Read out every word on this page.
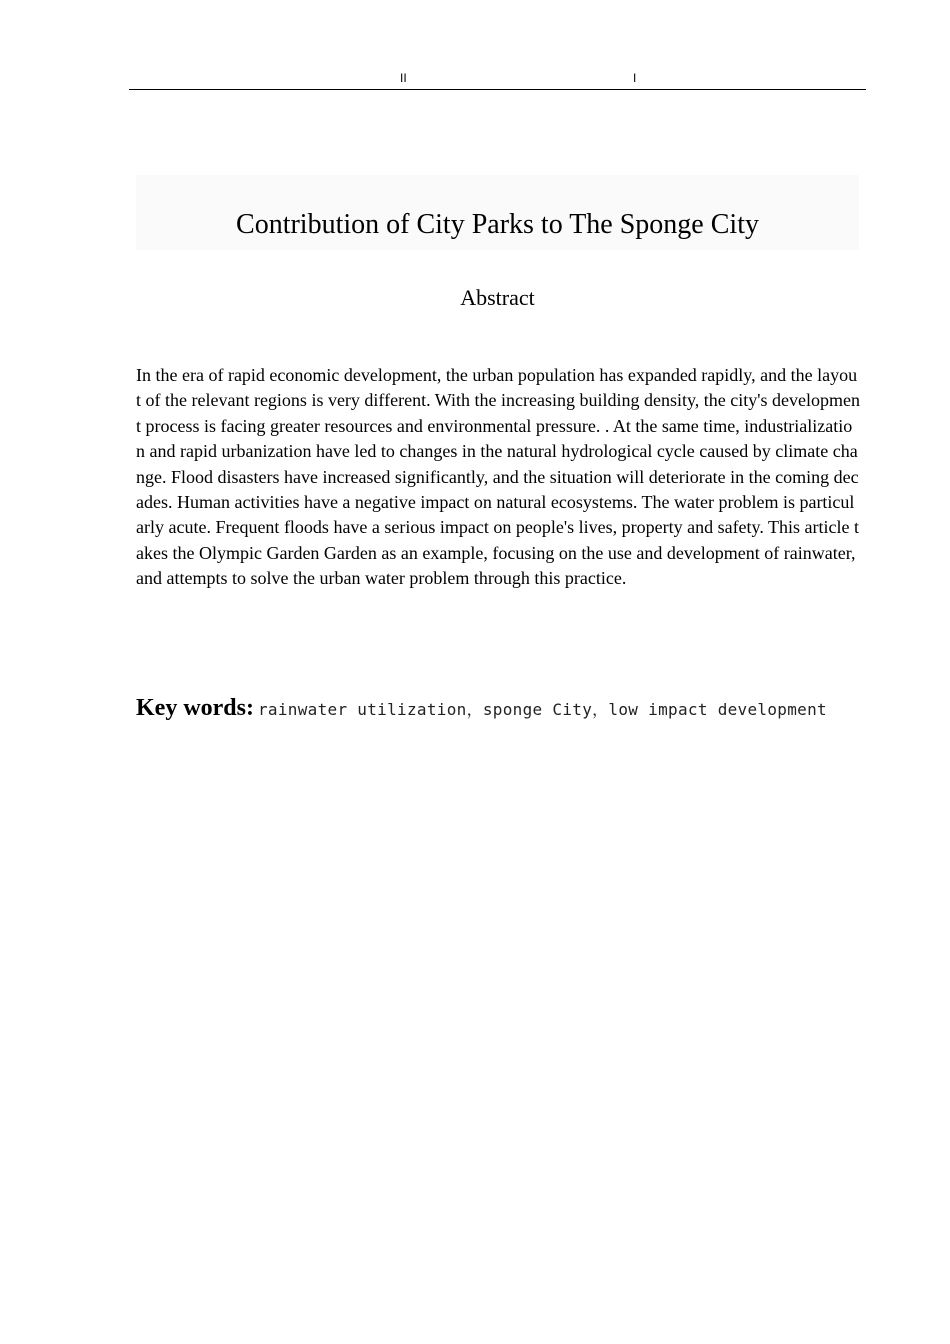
II	I
Contribution of City Parks to The Sponge City
Abstract

In the era of rapid economic development, the urban population has expanded rapidly, and the layout of the relevant regions is very different. With the increasing building density, the city's development process is facing greater resources and environmental pressure. . At the same time, industrialization and rapid urbanization have led to changes in the natural hydrological cycle caused by climate change. Flood disasters have increased significantly, and the situation will deteriorate in the coming decades. Human activities have a negative impact on natural ecosystems. The water problem is particularly acute. Frequent floods have a serious impact on people's lives, property and safety. This article takes the Olympic Garden Garden as an example, focusing on the use and development of rainwater, and attempts to solve the urban water problem through this practice.

Key words: rainwater utilization，sponge City，low impact development
